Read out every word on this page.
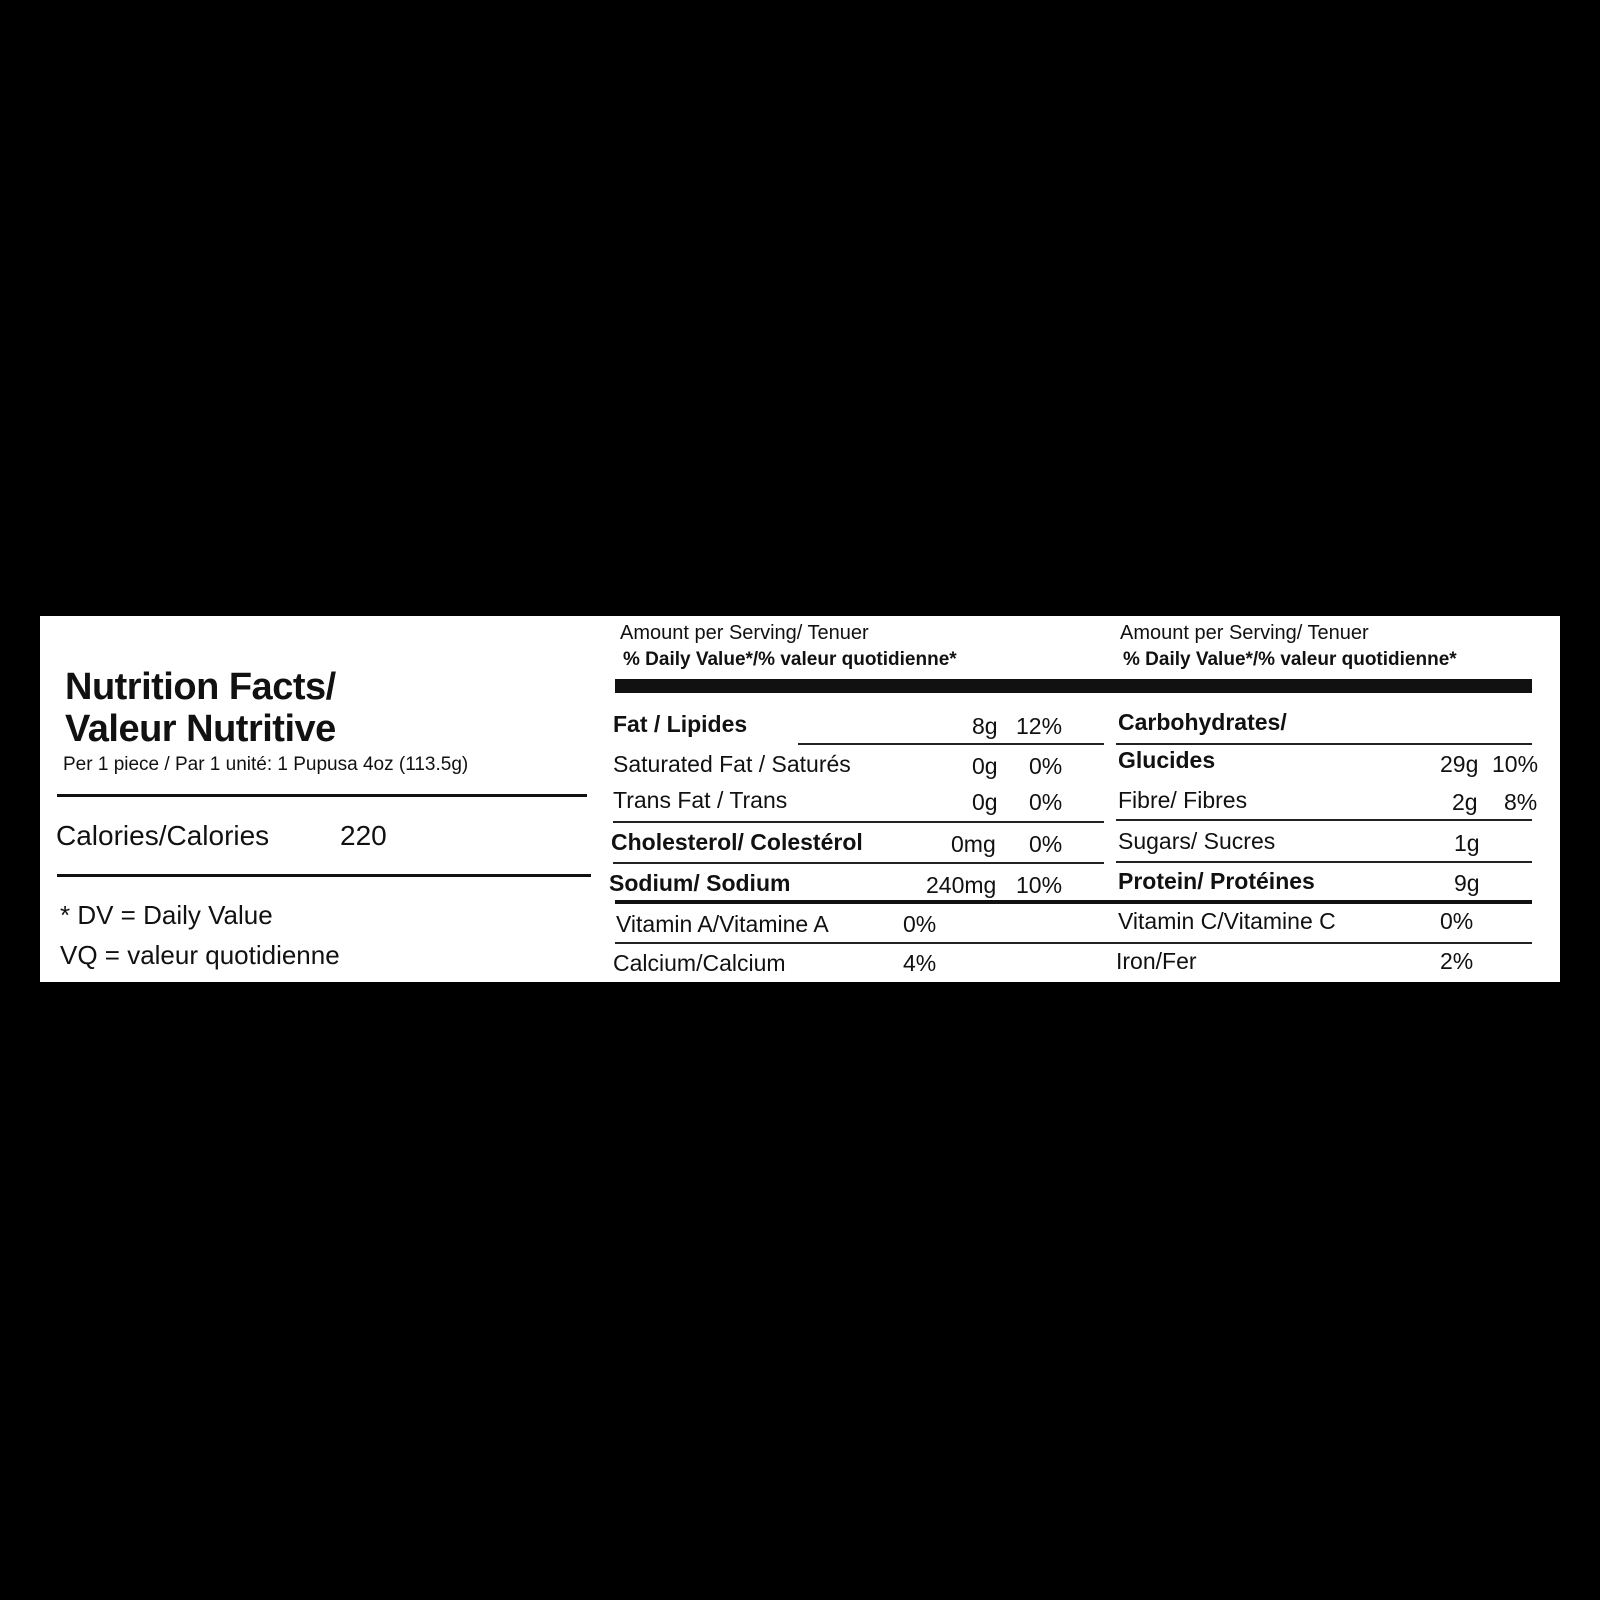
Nutrition Facts/
Valeur Nutritive
Per 1 piece / Par 1 unité: 1 Pupusa 4oz (113.5g)
Calories/Calories	220
* DV = Daily Value
VQ = valeur quotidienne
Amount per Serving/ Tenuer
% Daily Value*/% valeur quotidienne*
Amount per Serving/ Tenuer
% Daily Value*/% valeur quotidienne*
Fat / Lipides	8g 12%
Saturated Fat / Saturés	0g 0%
Trans Fat / Trans	0g 0%
Cholesterol/ Colestérol	0mg 0%
Sodium/ Sodium	240mg 10%
Carbohydrates/
Glucides	29g 10%
Fibre/ Fibres	2g 8%
Sugars/ Sucres	1g
Protein/ Protéines	9g
Vitamin A/Vitamine A	0%	Vitamin C/Vitamine C	0%
Calcium/Calcium	4%	Iron/Fer	2%
